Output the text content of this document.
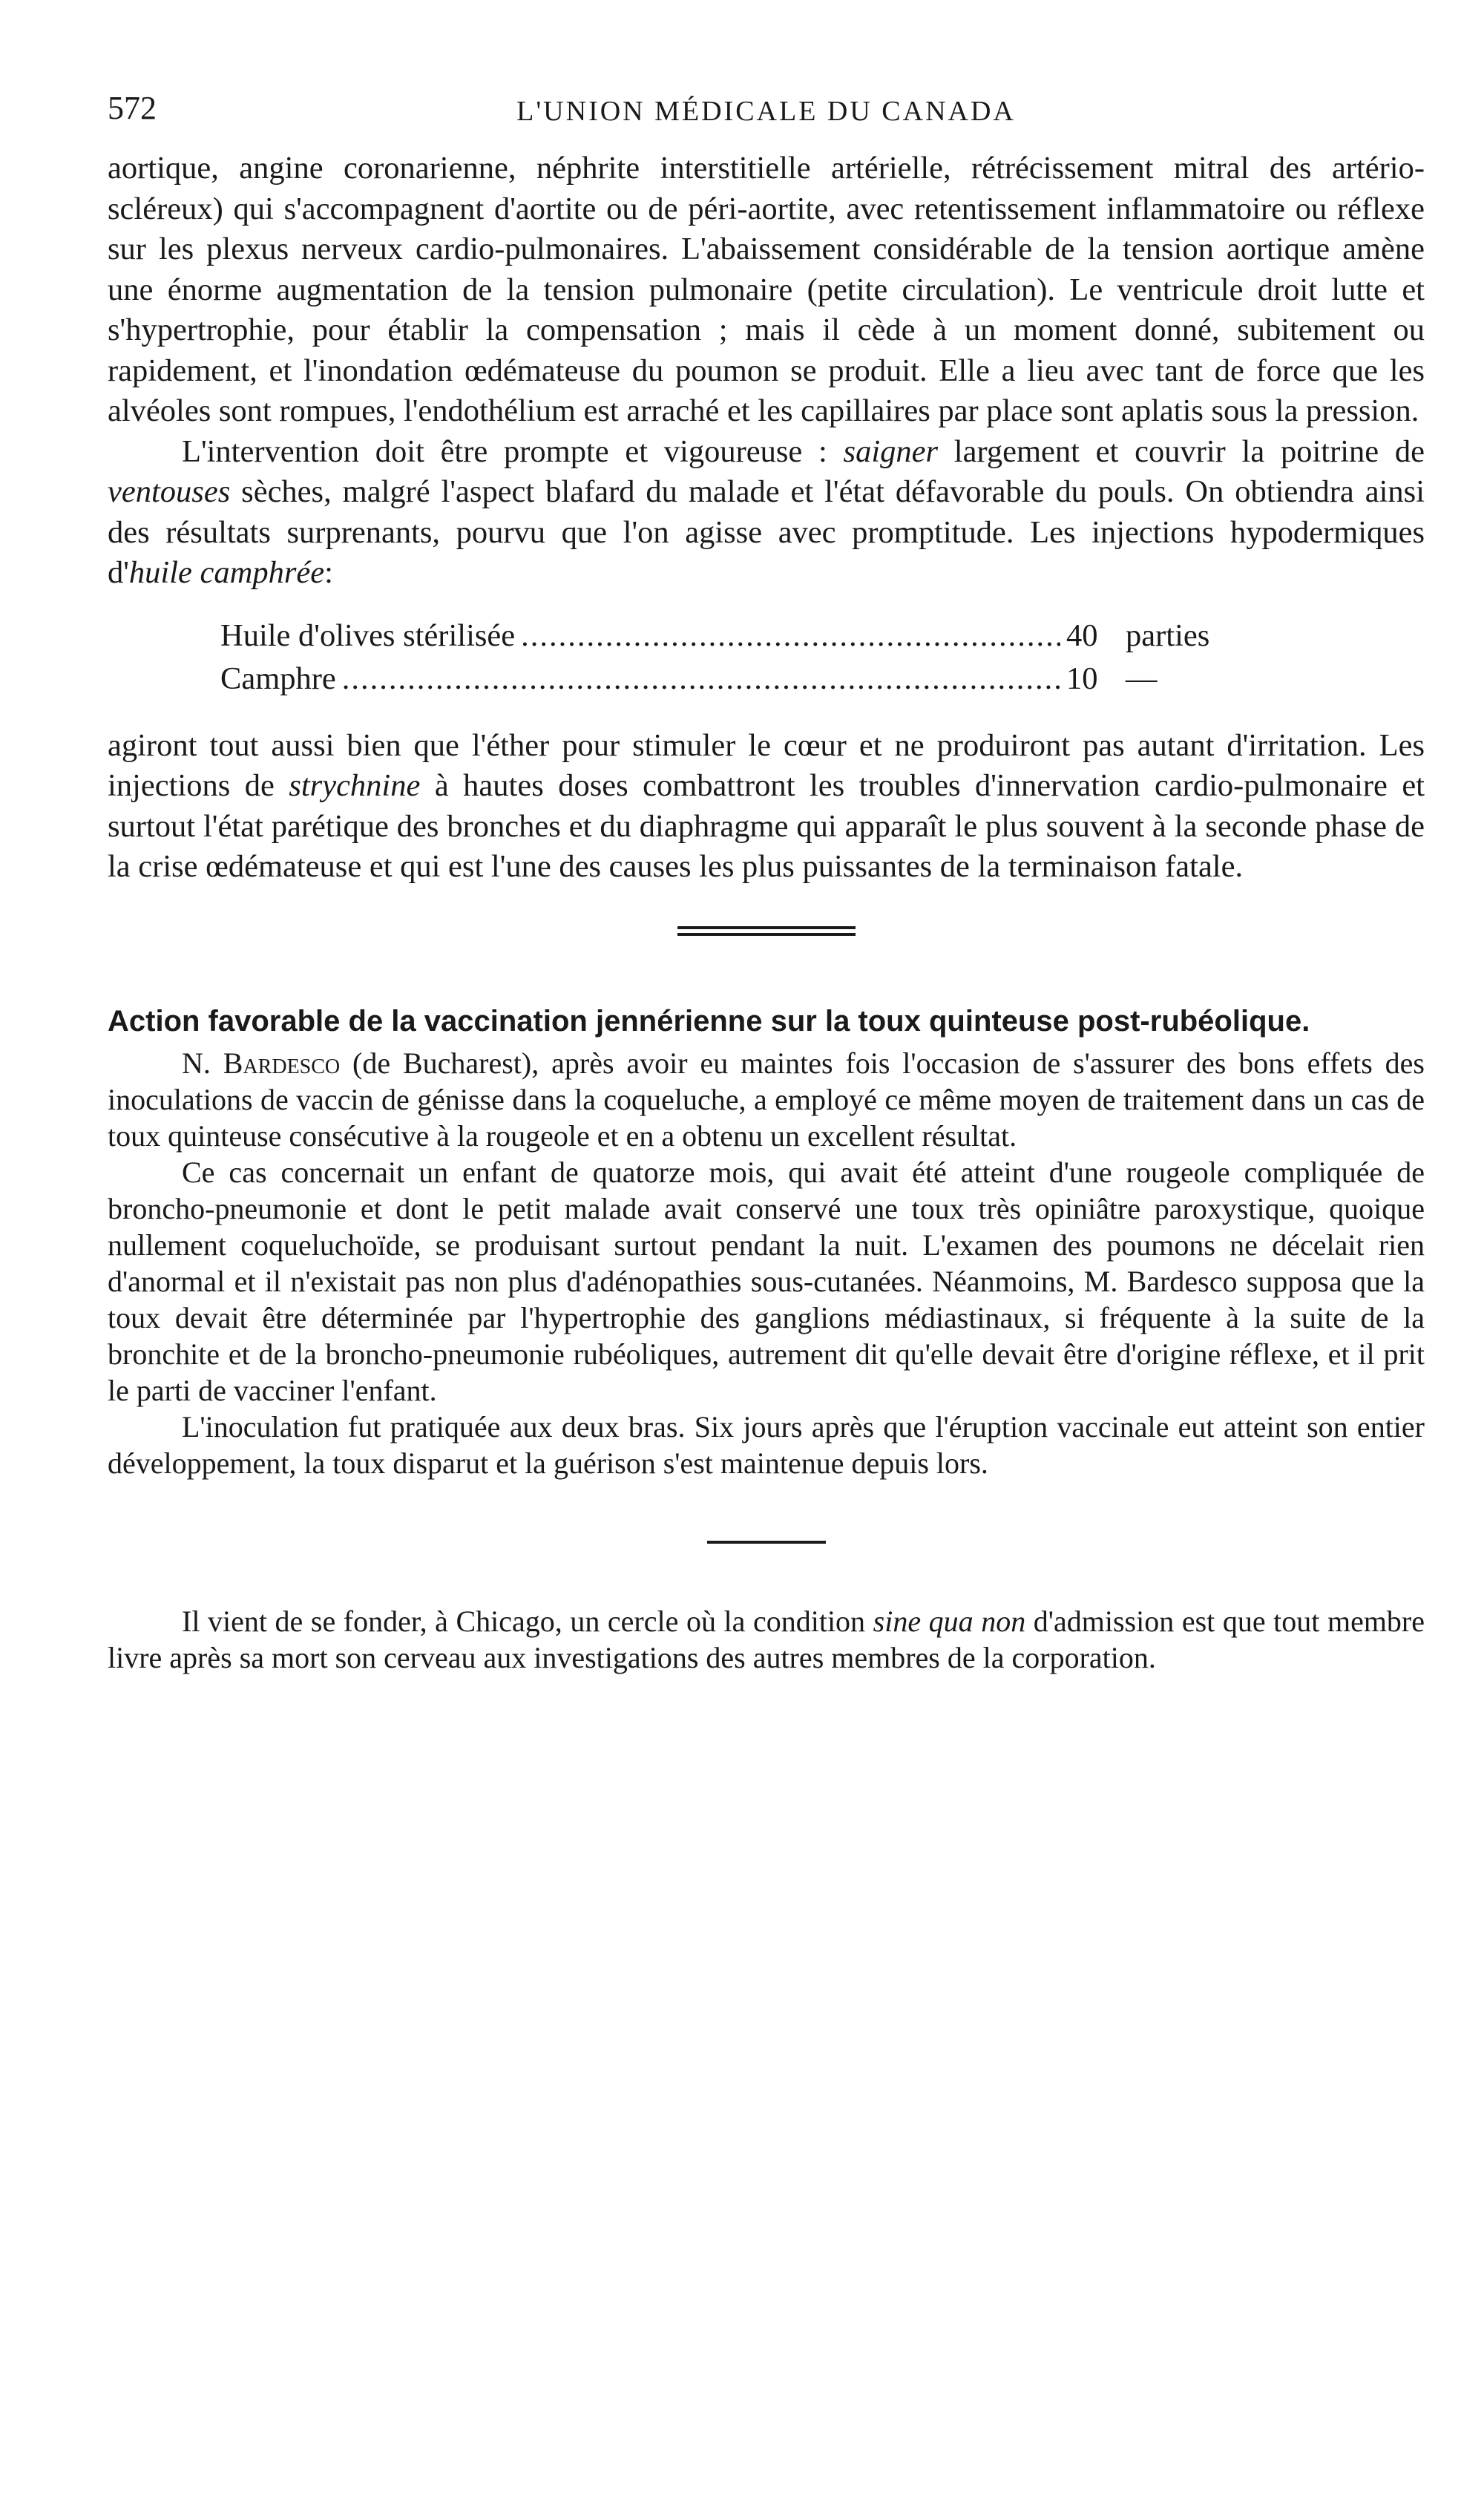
572	L'UNION MÉDICALE DU CANADA

aortique, angine coronarienne, néphrite interstitielle artérielle, rétrécissement mitral des artério-scléreux) qui s'accompagnent d'aortite ou de péri-aortite, avec retentissement inflammatoire ou réflexe sur les plexus nerveux cardio-pulmonaires. L'abaissement considérable de la tension aortique amène une énorme augmentation de la tension pulmonaire (petite circulation). Le ventricule droit lutte et s'hypertrophie, pour établir la compensation ; mais il cède à un moment donné, subitement ou rapidement, et l'inondation œdémateuse du poumon se produit. Elle a lieu avec tant de force que les alvéoles sont rompues, l'endothélium est arraché et les capillaires par place sont aplatis sous la pression.

L'intervention doit être prompte et vigoureuse : saigner largement et couvrir la poitrine de ventouses sèches, malgré l'aspect blafard du malade et l'état défavorable du pouls. On obtiendra ainsi des résultats surprenants, pourvu que l'on agisse avec promptitude. Les injections hypodermiques d'huile camphrée:

Huile d'olives stérilisée .....	40 parties
Camphre .....	10 —

agiront tout aussi bien que l'éther pour stimuler le cœur et ne produiront pas autant d'irritation. Les injections de strychnine à hautes doses combattront les troubles d'innervation cardio-pulmonaire et surtout l'état parétique des bronches et du diaphragme qui apparaît le plus souvent à la seconde phase de la crise œdémateuse et qui est l'une des causes les plus puissantes de la terminaison fatale.

Action favorable de la vaccination jennérienne sur la toux quinteuse post-rubéolique.

N. Bardesco (de Bucharest), après avoir eu maintes fois l'occasion de s'assurer des bons effets des inoculations de vaccin de génisse dans la coqueluche, a employé ce même moyen de traitement dans un cas de toux quinteuse consécutive à la rougeole et en a obtenu un excellent résultat.

Ce cas concernait un enfant de quatorze mois, qui avait été atteint d'une rougeole compliquée de broncho-pneumonie et dont le petit malade avait conservé une toux très opiniâtre paroxystique, quoique nullement coqueluchoïde, se produisant surtout pendant la nuit. L'examen des poumons ne décelait rien d'anormal et il n'existait pas non plus d'adénopathies sous-cutanées. Néanmoins, M. Bardesco supposa que la toux devait être déterminée par l'hypertrophie des ganglions médiastinaux, si fréquente à la suite de la bronchite et de la broncho-pneumonie rubéoliques, autrement dit qu'elle devait être d'origine réflexe, et il prit le parti de vacciner l'enfant.

L'inoculation fut pratiquée aux deux bras. Six jours après que l'éruption vaccinale eut atteint son entier développement, la toux disparut et la guérison s'est maintenue depuis lors.

Il vient de se fonder, à Chicago, un cercle où la condition sine qua non d'admission est que tout membre livre après sa mort son cerveau aux investigations des autres membres de la corporation.
